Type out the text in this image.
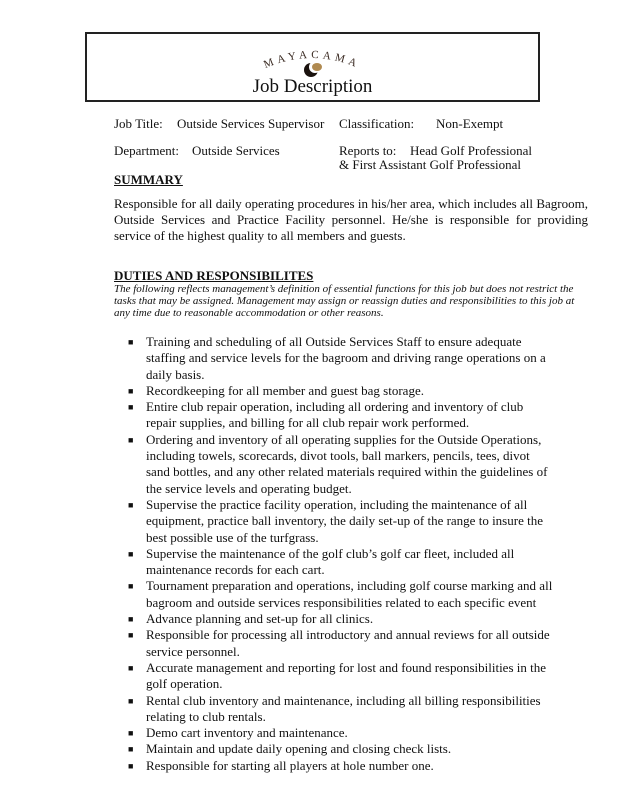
MAYACAMA
Job Description
Job Title: Outside Services Supervisor Classification: Non-Exempt
Department: Outside Services	Reports to: Head Golf Professional
& First Assistant Golf Professional
SUMMARY
Responsible for all daily operating procedures in his/her area, which includes all Bagroom, Outside Services and Practice Facility personnel. He/she is responsible for providing service of the highest quality to all members and guests.
DUTIES AND RESPONSIBILITES
The following reflects management’s definition of essential functions for this job but does not restrict the
tasks that may be assigned. Management may assign or reassign duties and responsibilities to this job at
any time due to reasonable accommodation or other reasons.
■ Training and scheduling of all Outside Services Staff to ensure adequate
staffing and service levels for the bagroom and driving range operations on a
daily basis.
■ Recordkeeping for all member and guest bag storage.
■ Entire club repair operation, including all ordering and inventory of club
repair supplies, and billing for all club repair work performed.
■ Ordering and inventory of all operating supplies for the Outside Operations,
including towels, scorecards, divot tools, ball markers, pencils, tees, divot
sand bottles, and any other related materials required within the guidelines of
the service levels and operating budget.
■ Supervise the practice facility operation, including the maintenance of all
equipment, practice ball inventory, the daily set-up of the range to insure the
best possible use of the turfgrass.
■ Supervise the maintenance of the golf club’s golf car fleet, included all
maintenance records for each cart.
■ Tournament preparation and operations, including golf course marking and all
bagroom and outside services responsibilities related to each specific event
■ Advance planning and set-up for all clinics.
■ Responsible for processing all introductory and annual reviews for all outside
service personnel.
■ Accurate management and reporting for lost and found responsibilities in the
golf operation.
■ Rental club inventory and maintenance, including all billing responsibilities
relating to club rentals.
■ Demo cart inventory and maintenance.
■ Maintain and update daily opening and closing check lists.
■ Responsible for starting all players at hole number one.
